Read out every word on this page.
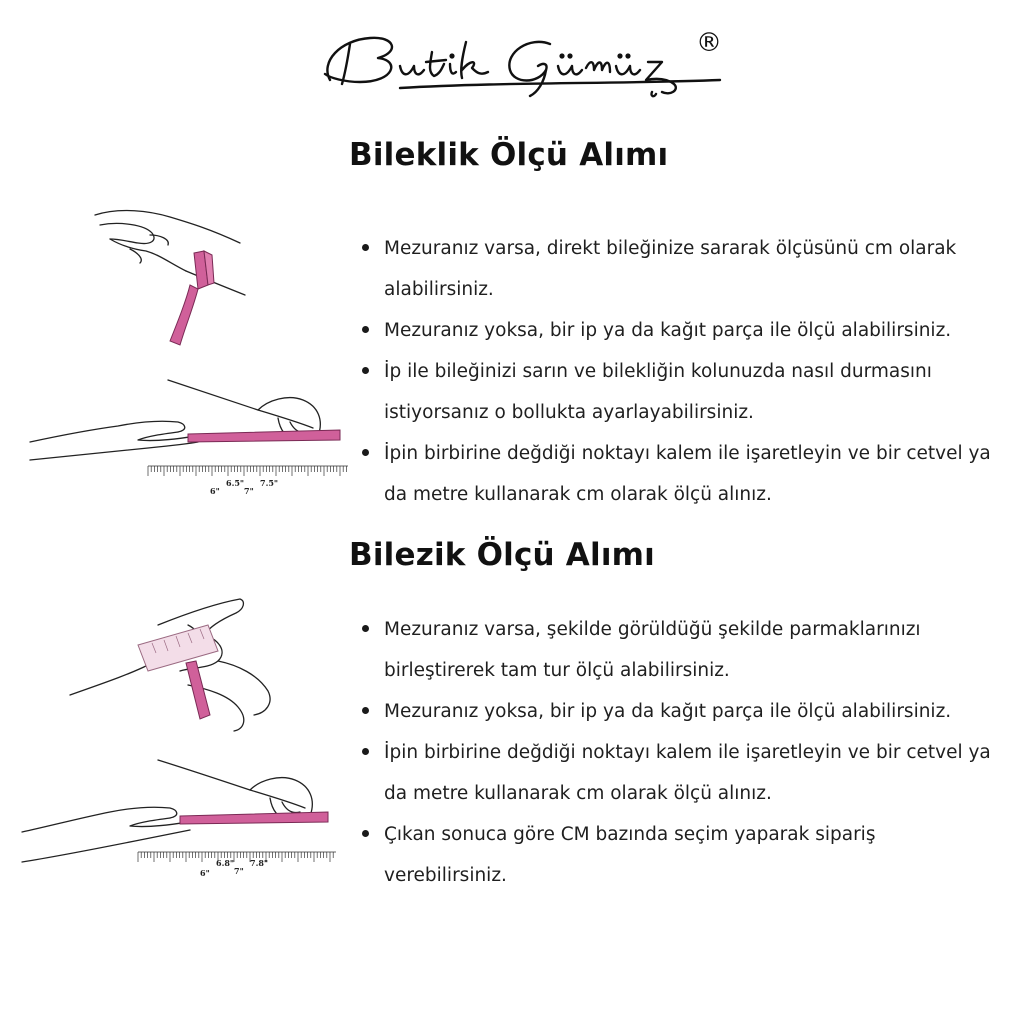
®
Bileklik Ölçü Alımı
6"
6.5"
7"
7.5"
Mezuranız varsa, direkt bileğinize sararak ölçüsünü cm olarak alabilirsiniz.
Mezuranız yoksa, bir ip ya da kağıt parça ile ölçü alabilirsiniz.
İp ile bileğinizi sarın ve bilekliğin kolunuzda nasıl durmasını istiyorsanız o bollukta ayarlayabilirsiniz.
İpin birbirine değdiği noktayı kalem ile işaretleyin ve bir cetvel ya da metre kullanarak cm olarak ölçü alınız.
Bilezik Ölçü Alımı
6"
6.8"
7"
7.8"
Mezuranız varsa, şekilde görüldüğü şekilde parmaklarınızı birleştirerek tam tur ölçü alabilirsiniz.
Mezuranız yoksa, bir ip ya da kağıt parça ile ölçü alabilirsiniz.
İpin birbirine değdiği noktayı kalem ile işaretleyin ve bir cetvel ya da metre kullanarak cm olarak ölçü alınız.
Çıkan sonuca göre CM bazında seçim yaparak sipariş verebilirsiniz.
